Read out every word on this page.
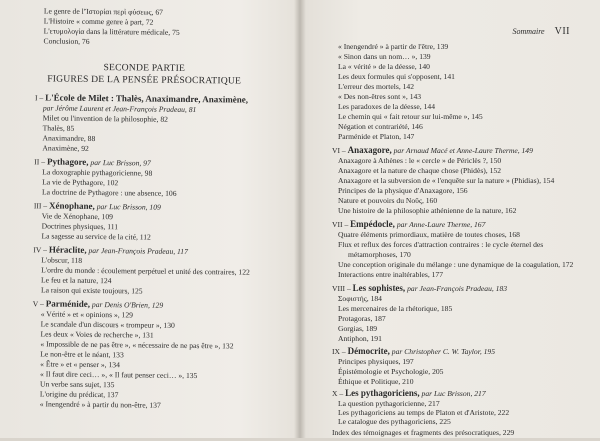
Le genre de l'Ἱστορίαι περὶ φύσεως, 67
L'Histoire « comme genre à part, 72
L'ετυμολογία dans la littérature médicale, 75
Conclusion, 76
SECONDE PARTIE
FIGURES DE LA PENSÉE PRÉSOCRATIQUE
I – L'École de Milet : Thalès, Anaximandre, Anaximène,
par Jérôme Laurent et Jean-François Pradeau, 81
Milet ou l'invention de la philosophie, 82
Thalès, 85
Anaximandre, 88
Anaximène, 92
II – Pythagore, par Luc Brisson, 97
La doxographie pythagoricienne, 98
La vie de Pythagore, 102
La doctrine de Pythagore : une absence, 106
III – Xénophane, par Luc Brisson, 109
Vie de Xénophane, 109
Doctrines physiques, 111
La sagesse au service de la cité, 112
IV – Héraclite, par Jean-François Pradeau, 117
L'obscur, 118
L'ordre du monde : écoulement perpétuel et unité des contraires, 122
Le feu et la nature, 124
La raison qui existe toujours, 125
V – Parménide, par Denis O'Brien, 129
« Vérité » et « opinions », 129
Le scandale d'un discours « trompeur », 130
Les deux « Voies de recherche », 131
« Impossible de ne pas être », « nécessaire de ne pas être », 132
Le non-être et le néant, 133
« Être » et « penser », 134
« Il faut dire ceci… », « Il faut penser ceci… », 135
Un verbe sans sujet, 135
L'origine du prédicat, 137
« Inengendré » à partir du non-être, 137
Sommaire VII
« Inengendré » à partir de l'être, 139
« Sinon dans un nom… », 139
La « vérité » de la déesse, 140
Les deux formules qui s'opposent, 141
L'erreur des mortels, 142
« Des non-êtres sont », 143
Les paradoxes de la déesse, 144
Le chemin qui « fait retour sur lui-même », 145
Négation et contrariété, 146
Parménide et Platon, 147
VI – Anaxagore, par Arnaud Macé et Anne-Laure Therme, 149
Anaxagore à Athènes : le « cercle » de Périclès ?, 150
Anaxagore et la nature de chaque chose (Phidès), 152
Anaxagore et la subversion de « l'enquête sur la nature » (Phidias), 154
Principes de la physique d'Anaxagore, 156
Nature et pouvoirs du Νοῦς, 160
Une histoire de la philosophie athénienne de la nature, 162
VII – Empédocle, par Anne-Laure Therme, 167
Quatre éléments primordiaux, matière de toutes choses, 168
Flux et reflux des forces d'attraction contraires : le cycle éternel des
métamorphoses, 170
Une conception originale du mélange : une dynamique de la coagulation, 172
Interactions entre inaltérables, 177
VIII – Les sophistes, par Jean-François Pradeau, 183
Σοφιστής, 184
Les mercenaires de la rhétorique, 185
Protagoras, 187
Gorgias, 189
Antiphon, 191
IX – Démocrite, par Christopher C. W. Taylor, 195
Principes physiques, 197
Épistémologie et Psychologie, 205
Éthique et Politique, 210
X – Les pythagoriciens, par Luc Brisson, 217
La question pythagoricienne, 217
Les pythagoriciens au temps de Platon et d'Aristote, 222
Le catalogue des pythagoriciens, 225
Index des témoignages et fragments des présocratiques, 229
